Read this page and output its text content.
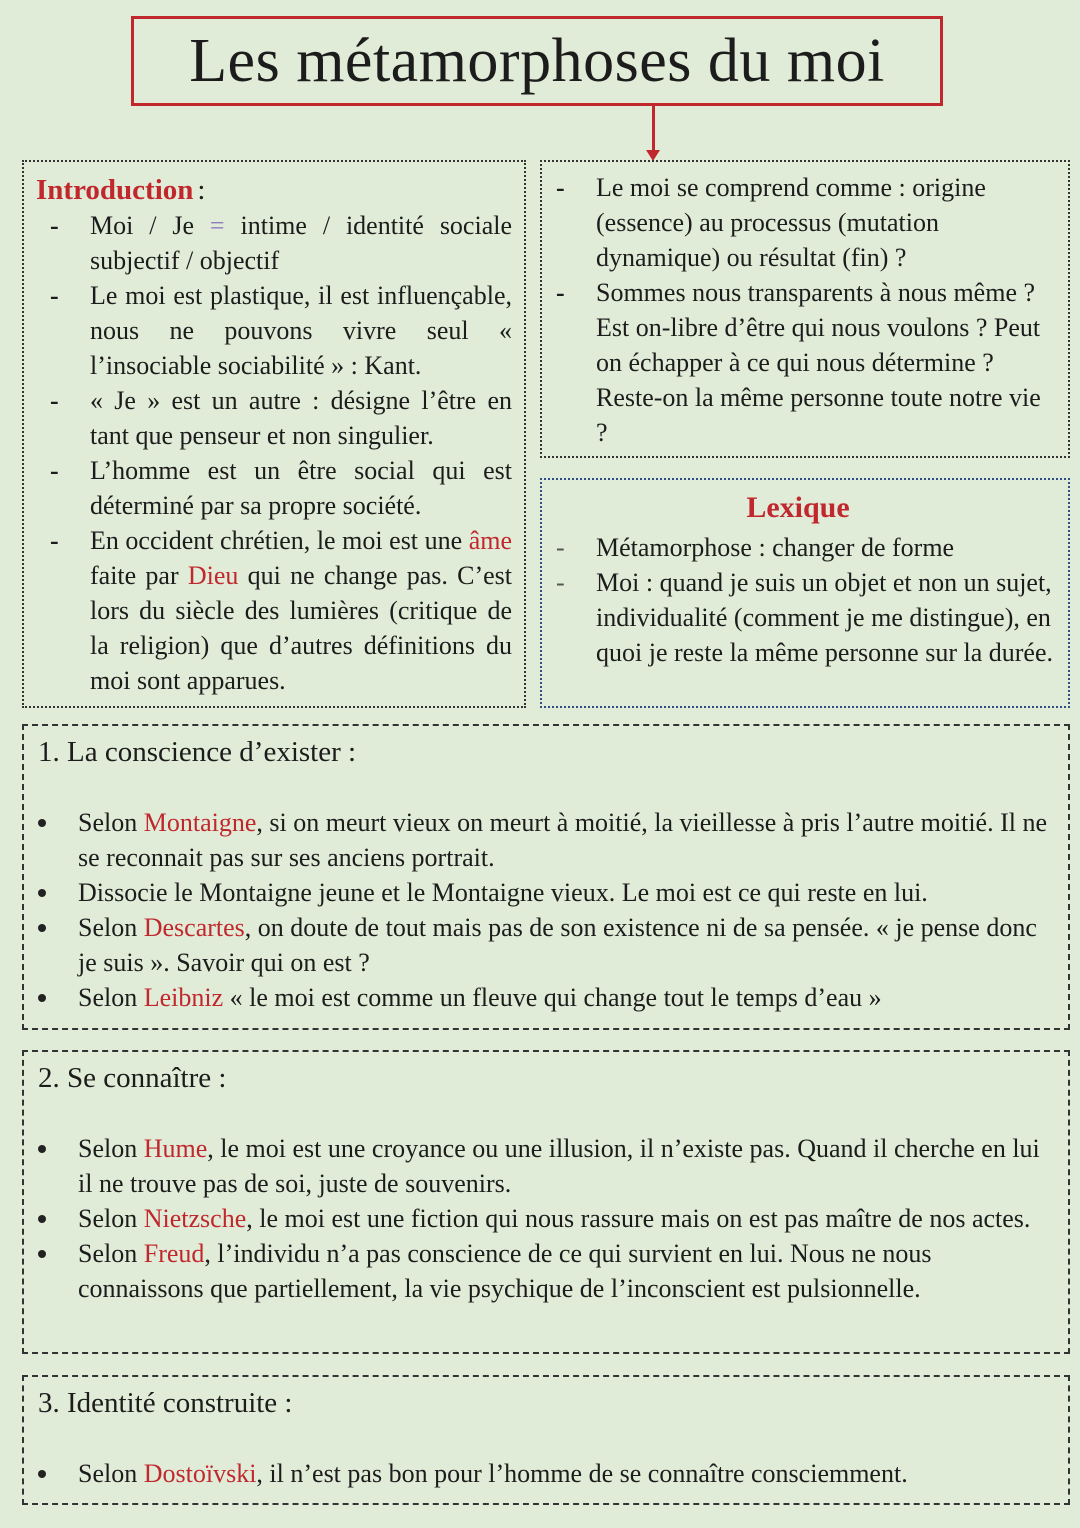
Les métamorphoses du moi
Introduction :
- Moi / Je = intime / identité sociale subjectif / objectif
- Le moi est plastique, il est influençable, nous ne pouvons vivre seul « l’insociable sociabilité » : Kant.
- « Je » est un autre : désigne l’être en tant que penseur et non singulier.
- L’homme est un être social qui est déterminé par sa propre société.
- En occident chrétien, le moi est une âme faite par Dieu qui ne change pas. C’est lors du siècle des lumières (critique de la religion) que d’autres définitions du moi sont apparues.
- Le moi se comprend comme : origine (essence) au processus (mutation dynamique) ou résultat (fin) ?
- Sommes nous transparents à nous même ? Est on-libre d’être qui nous voulons ? Peut on échapper à ce qui nous détermine ? Reste-on la même personne toute notre vie ?
Lexique
- Métamorphose : changer de forme
- Moi : quand je suis un objet et non un sujet, individualité (comment je me distingue), en quoi je reste la même personne sur la durée.
1. La conscience d’exister :
Selon Montaigne, si on meurt vieux on meurt à moitié, la vieillesse à pris l’autre moitié. Il ne se reconnait pas sur ses anciens portrait.
Dissocie le Montaigne jeune et le Montaigne vieux. Le moi est ce qui reste en lui.
Selon Descartes, on doute de tout mais pas de son existence ni de sa pensée. « je pense donc je suis ». Savoir qui on est ?
Selon Leibniz « le moi est comme un fleuve qui change tout le temps d’eau »
2. Se connaître :
Selon Hume, le moi est une croyance ou une illusion, il n’existe pas. Quand il cherche en lui il ne trouve pas de soi, juste de souvenirs.
Selon Nietzsche, le moi est une fiction qui nous rassure mais on est pas maître de nos actes.
Selon Freud, l’individu n’a pas conscience de ce qui survient en lui. Nous ne nous connaissons que partiellement, la vie psychique de l’inconscient est pulsionnelle.
3. Identité construite :
Selon Dostoïvski, il n’est pas bon pour l’homme de se connaître consciemment.
